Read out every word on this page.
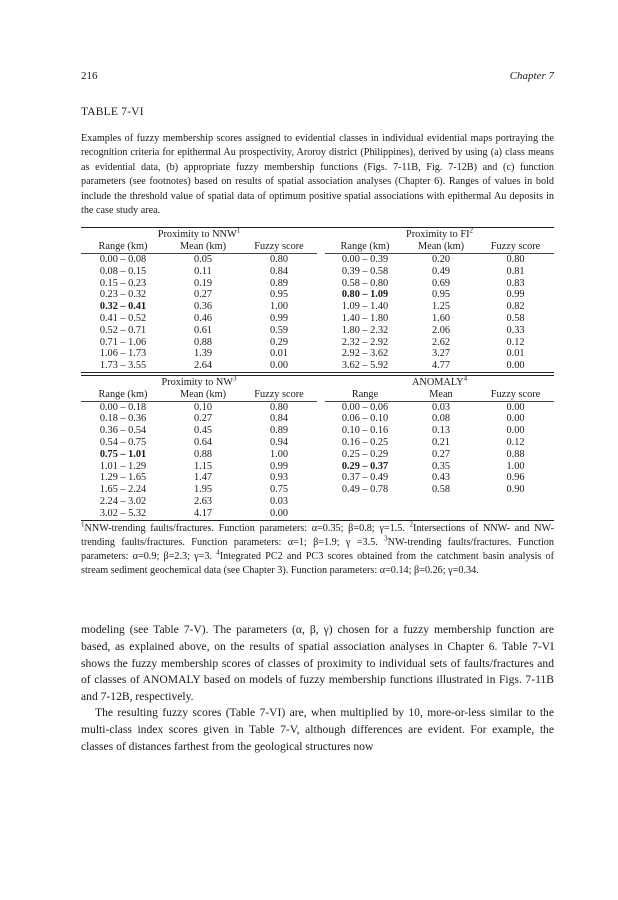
216	Chapter 7
TABLE 7-VI
Examples of fuzzy membership scores assigned to evidential classes in individual evidential maps portraying the recognition criteria for epithermal Au prospectivity, Aroroy district (Philippines), derived by using (a) class means as evidential data, (b) appropriate fuzzy membership functions (Figs. 7-11B, Fig. 7-12B) and (c) function parameters (see footnotes) based on results of spatial association analyses (Chapter 6). Ranges of values in bold include the threshold value of spatial data of optimum positive spatial associations with epithermal Au deposits in the case study area.
Proximity to NNW$^1$				Proximity to $FI^2$
Range (km)	Mean (km)	Fuzzy score		Range (km)	Mean (km)	Fuzzy score
0.00 – 0.08	0.05	0.80		0.00 – 0.39	0.20	0.80
0.08 – 0.15	0.11	0.84		0.39 – 0.58	0.49	0.81
0.15 – 0.23	0.19	0.89		0.58 – 0.80	0.69	0.83
0.23 – 0.32	0.27	0.95		0.80 – 1.09	0.95	0.99
0.32 – 0.41	0.36	1.00		1.09 – 1.40	1.25	0.82
0.41 – 0.52	0.46	0.99		1.40 – 1.80	1.60	0.58
0.52 – 0.71	0.61	0.59		1.80 – 2.32	2.06	0.33
0.71 – 1.06	0.88	0.29		2.32 – 2.92	2.62	0.12
1.06 – 1.73	1.39	0.01		2.92 – 3.62	3.27	0.01
1.73 – 3.55	2.64	0.00		3.62 – 5.92	4.77	0.00

Proximity to $NW^3$				ANOMALY$^4$
Range (km)	Mean (km)	Fuzzy score		Range	Mean	Fuzzy score
0.00 – 0.18	0.10	0.80		0.00 – 0.06	0.03	0.00
0.18 – 0.36	0.27	0.84		0.06 – 0.10	0.08	0.00
0.36 – 0.54	0.45	0.89		0.10 – 0.16	0.13	0.00
0.54 – 0.75	0.64	0.94		0.16 – 0.25	0.21	0.12
0.75 – 1.01	0.88	1.00		0.25 – 0.29	0.27	0.88
1.01 – 1.29	1.15	0.99		0.29 – 0.37	0.35	1.00
1.29 – 1.65	1.47	0.93		0.37 – 0.49	0.43	0.96
1.65 – 2.24	1.95	0.75		0.49 – 0.78	0.58	0.90
2.24 – 3.02	2.63	0.03				
3.02 – 5.32	4.17	0.00				
$^1$NNW-trending faults/fractures. Function parameters: α=0.35; β=0.8; γ=1.5. $^2$Intersections of NNW- and NW-trending faults/fractures. Function parameters: α=1; β=1.9; γ =3.5. $^3$NW-trending faults/fractures. Function parameters: α=0.9; β=2.3; γ=3. $^4$Integrated PC2 and PC3 scores obtained from the catchment basin analysis of stream sediment geochemical data (see Chapter 3). Function parameters: α=0.14; β=0.26; γ=0.34.

modeling (see Table 7-V). The parameters (α, β, γ) chosen for a fuzzy membership function are based, as explained above, on the results of spatial association analyses in Chapter 6. Table 7-VI shows the fuzzy membership scores of classes of proximity to individual sets of faults/fractures and of classes of ANOMALY based on models of fuzzy membership functions illustrated in Figs. 7-11B and 7-12B, respectively.

The resulting fuzzy scores (Table 7-VI) are, when multiplied by 10, more-or-less similar to the multi-class index scores given in Table 7-V, although differences are evident. For example, the classes of distances farthest from the geological structures now
